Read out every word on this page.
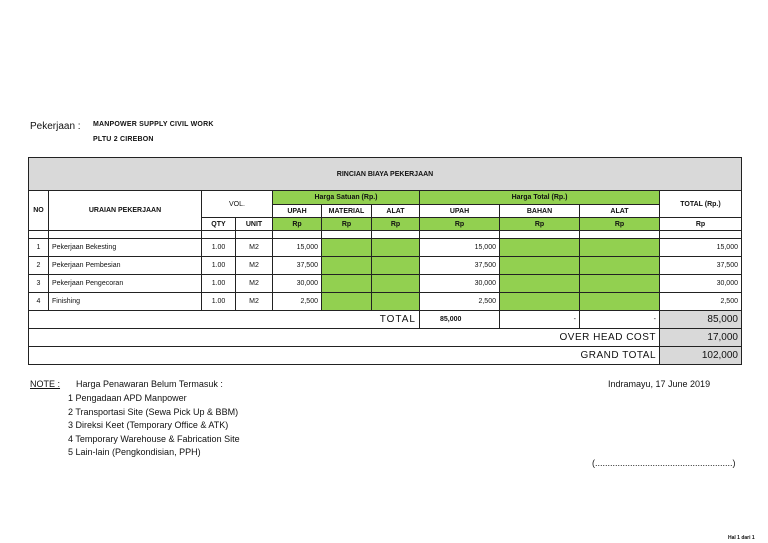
Pekerjaan : MANPOWER SUPPLY CIVIL WORK
PLTU 2 CIREBON
RINCIAN BIAYA PEKERJAAN										
NO	URAIAN PEKERJAAN	VOL.		Harga Satuan (Rp.)			Harga Total (Rp.)			TOTAL (Rp.)
				UPAH	MATERIAL	ALAT	UPAH	BAHAN	ALAT	
		QTY	UNIT	Rp	Rp	Rp	Rp	Rp	Rp	Rp

1	Pekerjaan Bekesting	1.00	M2	15,000			15,000			15,000
2	Pekerjaan Pembesian	1.00	M2	37,500			37,500			37,500
3	Pekerjaan Pengecoran	1.00	M2	30,000			30,000			30,000
4	Finishing	1.00	M2	2,500			2,500			2,500
TOTAL							85,000	-	-	85,000
OVER HEAD COST										17,000
GRAND TOTAL										102,000
NOTE : Harga Penawaran Belum Termasuk :
1 Pengadaan APD Manpower
2 Transportasi Site (Sewa Pick Up & BBM)
3 Direksi Keet (Temporary Office & ATK)
4 Temporary Warehouse & Fabrication Site
5 Lain-lain (Pengkondisian, PPH)
Indramayu, 17 June 2019
(.......................................................)
Hal 1 dari 1
